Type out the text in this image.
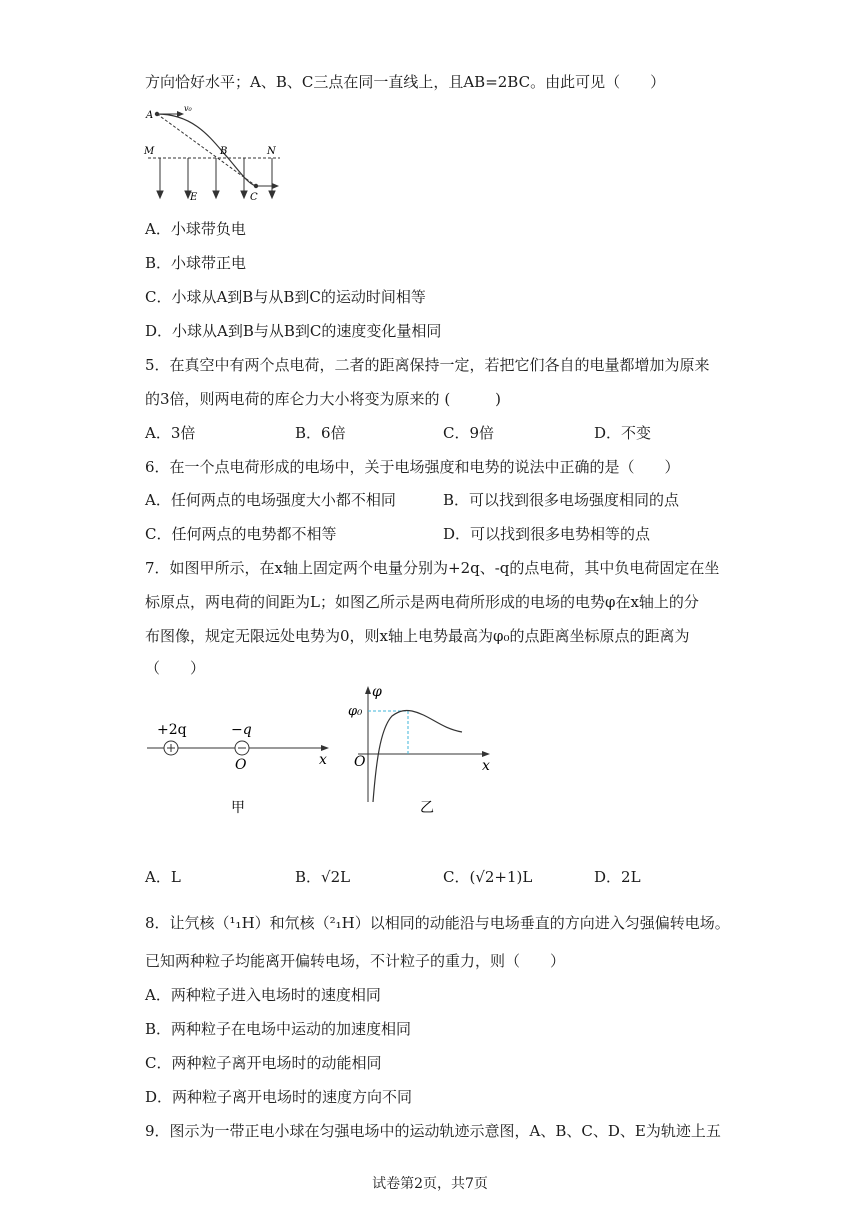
方向恰好水平；A、B、C三点在同一直线上，且AB=2BC。由此可见（　　）
A
v₀
M	B	N
E	C
A．小球带负电
B．小球带正电
C．小球从A到B与从B到C的运动时间相等
D．小球从A到B与从B到C的速度变化量相同
5．在真空中有两个点电荷，二者的距离保持一定，若把它们各自的电量都增加为原来
的3倍，则两电荷的库仑力大小将变为原来的 (　　　)
A．3倍	B．6倍	C．9倍	D．不变
6．在一个点电荷形成的电场中，关于电场强度和电势的说法中正确的是（　　）
A．任何两点的电场强度大小都不相同	B．可以找到很多电场强度相同的点
C．任何两点的电势都不相等	D．可以找到很多电势相等的点
7．如图甲所示，在x轴上固定两个电量分别为+2q、-q的点电荷，其中负电荷固定在坐
标原点，两电荷的间距为L；如图乙所示是两电荷所形成的电场的电势φ在x轴上的分
布图像，规定无限远处电势为0，则x轴上电势最高为φ₀的点距离坐标原点的距离为
（　　）
+2q	−q
O	x
甲
φ
φ₀
O	x
乙
A．L	B．√2L	C．(√2+1)L	D．2L
8．让氕核（¹₁H）和氘核（²₁H）以相同的动能沿与电场垂直的方向进入匀强偏转电场。
已知两种粒子均能离开偏转电场，不计粒子的重力，则（　　）
A．两种粒子进入电场时的速度相同
B．两种粒子在电场中运动的加速度相同
C．两种粒子离开电场时的动能相同
D．两种粒子离开电场时的速度方向不同
9．图示为一带正电小球在匀强电场中的运动轨迹示意图，A、B、C、D、E为轨迹上五
试卷第2页，共7页
